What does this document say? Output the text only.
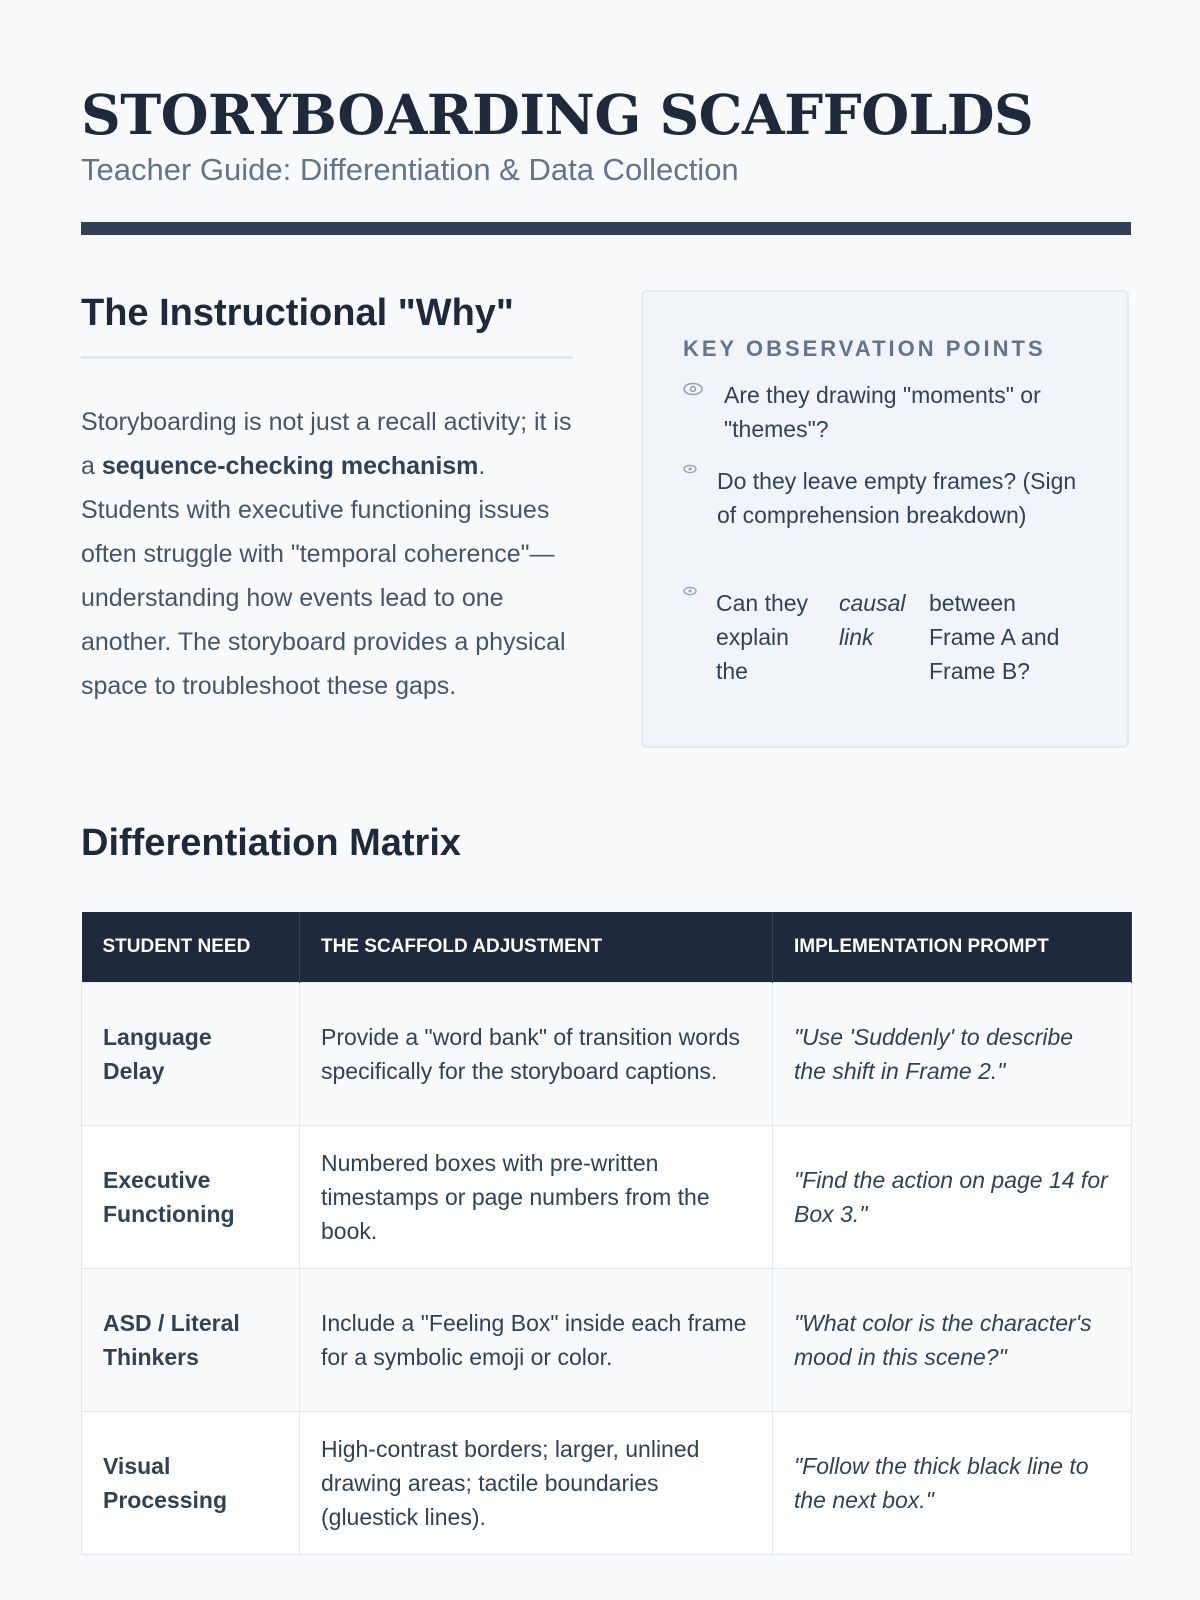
STORYBOARDING SCAFFOLDS
Teacher Guide: Differentiation & Data Collection
The Instructional "Why"

Storyboarding is not just a recall activity; it is a sequence-checking mechanism. Students with executive functioning issues often struggle with "temporal coherence"—understanding how events lead to one another. The storyboard provides a physical space to troubleshoot these gaps.

KEY OBSERVATION POINTS
Are they drawing "moments" or "themes"?
Do they leave empty frames? (Sign of comprehension breakdown)
Can they explain the
causal link
between Frame A and Frame B?
Differentiation Matrix
STUDENT NEED	THE SCAFFOLD ADJUSTMENT	IMPLEMENTATION PROMPT
Language Delay	Provide a "word bank" of transition words specifically for the storyboard captions.	"Use 'Suddenly' to describe the shift in Frame 2."
Executive Functioning	Numbered boxes with pre-written timestamps or page numbers from the book.	"Find the action on page 14 for Box 3."
ASD / Literal Thinkers	Include a "Feeling Box" inside each frame for a symbolic emoji or color.	"What color is the character's mood in this scene?"
Visual Processing	High-contrast borders; larger, unlined drawing areas; tactile boundaries (gluestick lines).	"Follow the thick black line to the next box."
